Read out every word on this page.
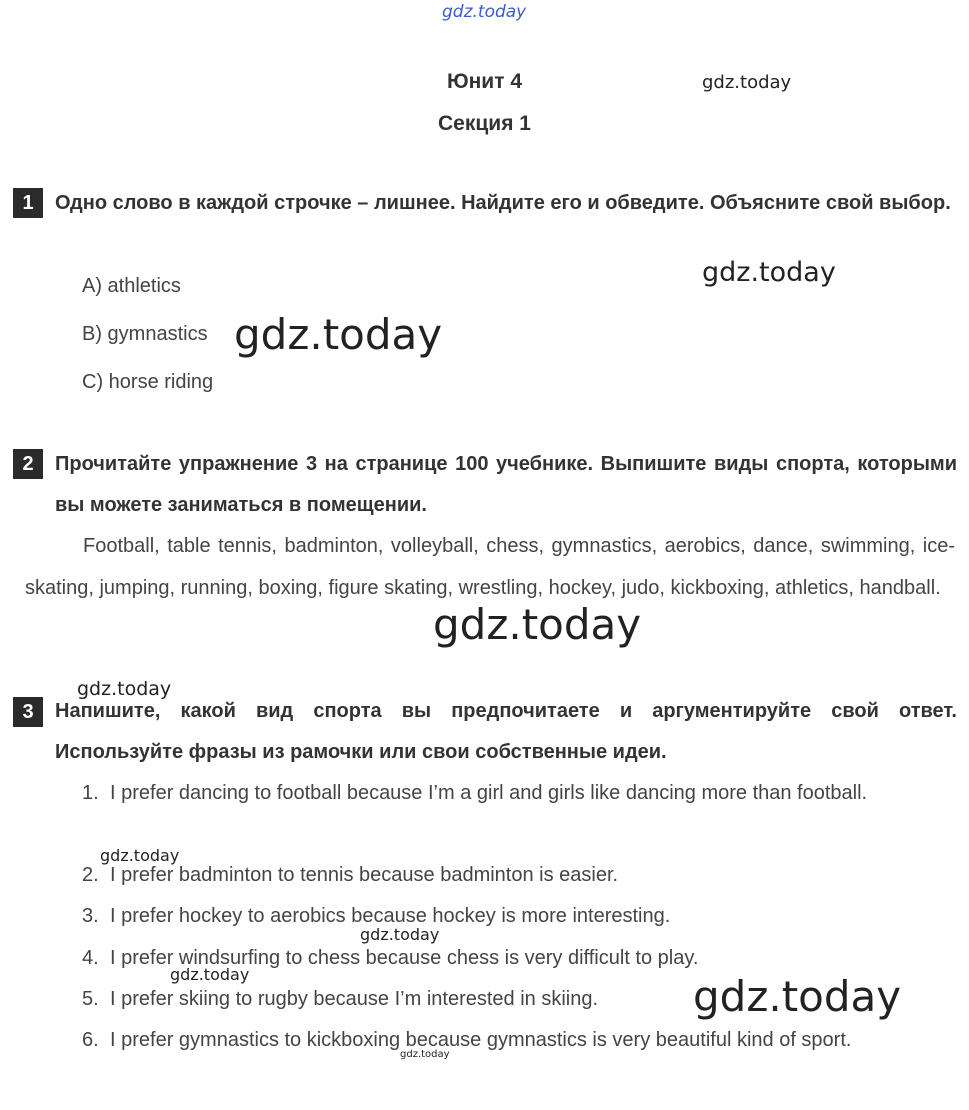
gdz.today
gdz.today
gdz.today
gdz.today
gdz.today
gdz.today
gdz.today
gdz.today
gdz.today	gdz.today
gdz.today
Юнит 4
Секция 1
1	Одно слово в каждой строчке – лишнее. Найдите его и обведите. Объясните свой выбор.
A) athletics
B) gymnastics
C) horse riding
2	Прочитайте упражнение 3 на странице 100 учебнике. Выпишите виды спорта, которыми вы можете заниматься в помещении.
Football, table tennis, badminton, volleyball, chess, gymnastics, aerobics, dance, swimming, ice-skating, jumping, running, boxing, figure skating, wrestling, hockey, judo, kickboxing, athletics, handball.
3	Напишите, какой вид спорта вы предпочитаете и аргументируйте свой ответ. Используйте фразы из рамочки или свои собственные идеи.
1. I prefer dancing to football because I’m a girl and girls like dancing more than football.
2. I prefer badminton to tennis because badminton is easier.
3. I prefer hockey to aerobics because hockey is more interesting.
4. I prefer windsurfing to chess because chess is very difficult to play.
5. I prefer skiing to rugby because I’m interested in skiing.
6. I prefer gymnastics to kickboxing because gymnastics is very beautiful kind of sport.
